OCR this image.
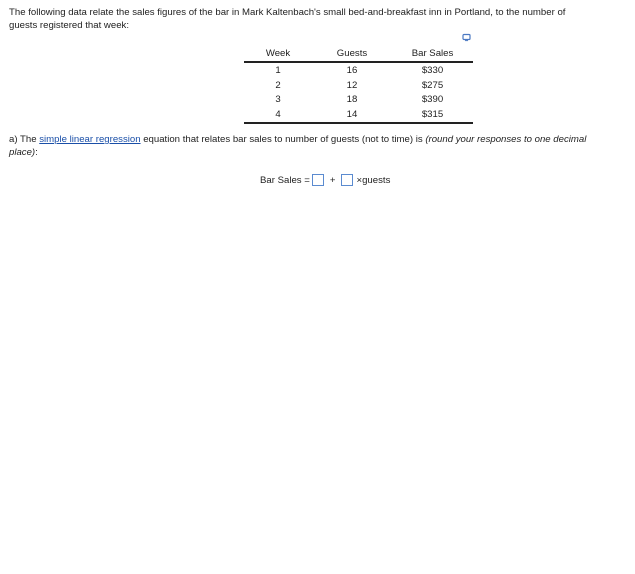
The following data relate the sales figures of the bar in Mark Kaltenbach's small bed-and-breakfast inn in Portland, to the number of
guests registered that week:
Week	Guests	Bar Sales
1	16	$330
2	12	$275
3	18	$390
4	14	$315
a) The simple linear regression equation that relates bar sales to number of guests (not to time) is (round your responses to one decimal
place):
Bar Sales = + × guests
